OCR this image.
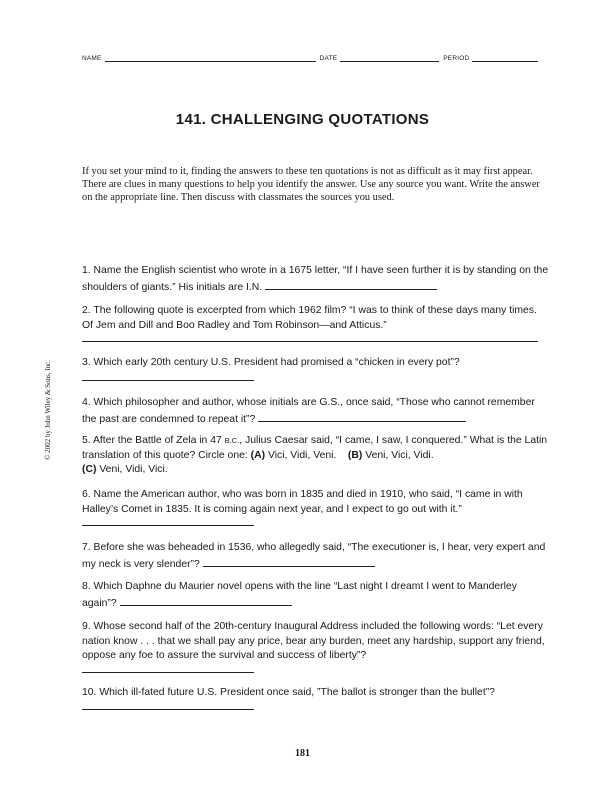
NAME	DATE	PERIOD
141. CHALLENGING QUOTATIONS

If you set your mind to it, finding the answers to these ten quotations is not as difficult as it may first appear. There are clues in many questions to help you identify the answer. Use any source you want. Write the answer on the appropriate line. Then discuss with classmates the sources you used.

© 2002 by John Wiley & Sons, Inc.

1. Name the English scientist who wrote in a 1675 letter, “If I have seen further it is by standing on the shoulders of giants.” His initials are I.N.

2. The following quote is excerpted from which 1962 film? “I was to think of these days many times. Of Jem and Dill and Boo Radley and Tom Robinson—and Atticus.”

3. Which early 20th century U.S. President had promised a “chicken in every pot”?

4. Which philosopher and author, whose initials are G.S., once said, “Those who cannot remember the past are condemned to repeat it”?

5. After the Battle of Zela in 47 B.C., Julius Caesar said, “I came, I saw, I conquered.” What is the Latin translation of this quote? Circle one: (A) Vici, Vidi, Veni. (B) Veni, Vici, Vidi.
(C) Veni, Vidi, Vici.

6. Name the American author, who was born in 1835 and died in 1910, who said, “I came in with Halley’s Comet in 1835. It is coming again next year, and I expect to go out with it.”

7. Before she was beheaded in 1536, who allegedly said, “The executioner is, I hear, very expert and my neck is very slender”?

8. Which Daphne du Maurier novel opens with the line “Last night I dreamt I went to Manderley again”?

9. Whose second half of the 20th-century Inaugural Address included the following words: “Let every nation know . . . that we shall pay any price, bear any burden, meet any hardship, support any friend, oppose any foe to assure the survival and success of liberty”?

10. Which ill-fated future U.S. President once said, ”The ballot is stronger than the bullet”?

181
